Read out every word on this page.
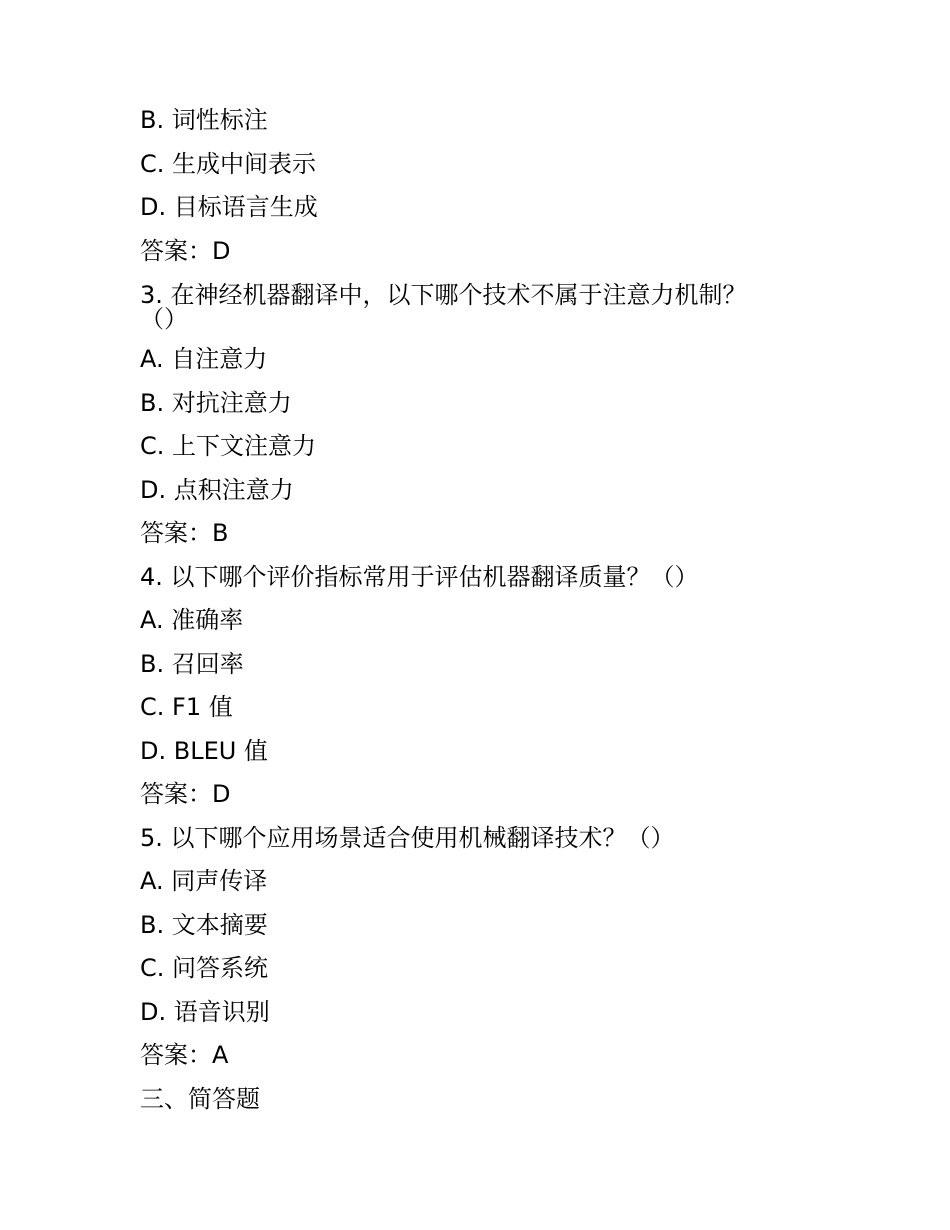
B. 词性标注
C. 生成中间表示
D. 目标语言生成
答案：D
3. 在神经机器翻译中，以下哪个技术不属于注意力机制？（）
A. 自注意力
B. 对抗注意力
C. 上下文注意力
D. 点积注意力
答案：B
4. 以下哪个评价指标常用于评估机器翻译质量？（）
A. 准确率
B. 召回率
C. F1 值
D. BLEU 值
答案：D
5. 以下哪个应用场景适合使用机械翻译技术？（）
A. 同声传译
B. 文本摘要
C. 问答系统
D. 语音识别
答案：A
三、简答题
